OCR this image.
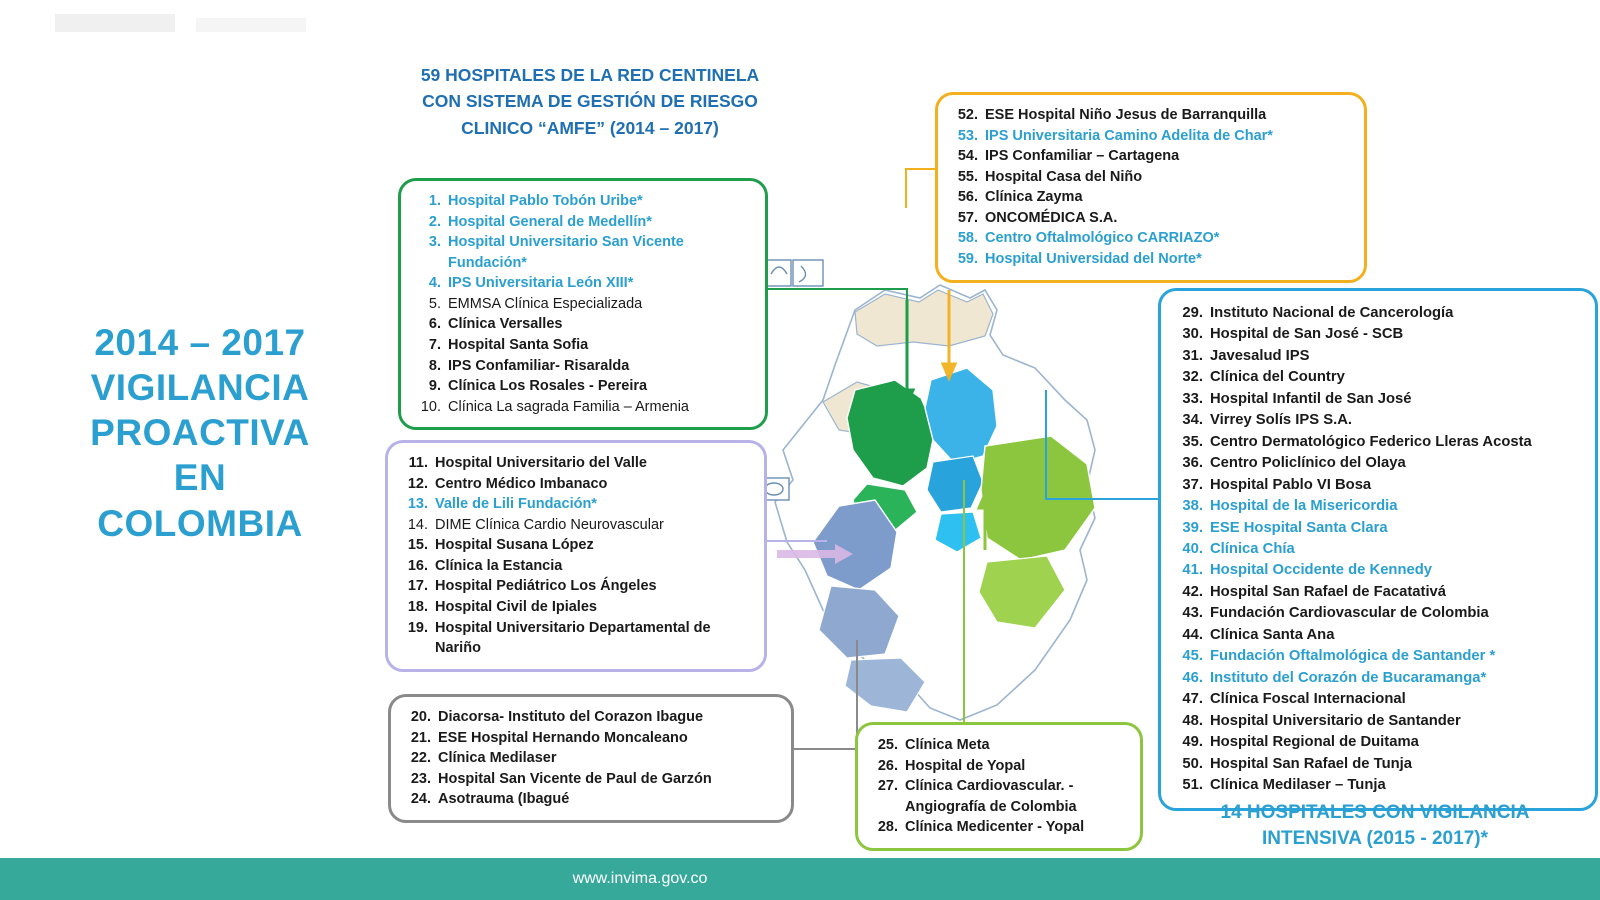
2014 – 2017
VIGILANCIA
PROACTIVA
EN
COLOMBIA
59 HOSPITALES DE LA RED CENTINELA
CON SISTEMA DE GESTIÓN DE RIESGO
CLINICO “AMFE” (2014 – 2017)
1. Hospital Pablo Tobón Uribe*
2. Hospital General de Medellín*
3. Hospital Universitario San Vicente Fundación*
4. IPS Universitaria León XIII*
5. EMMSA Clínica Especializada
6. Clínica Versalles
7. Hospital Santa Sofia
8. IPS Confamiliar- Risaralda
9. Clínica Los Rosales - Pereira
10. Clínica La sagrada Familia – Armenia
11. Hospital Universitario del Valle
12. Centro Médico Imbanaco
13. Valle de Lili Fundación*
14. DIME Clínica Cardio Neurovascular
15. Hospital Susana López
16. Clínica la Estancia
17. Hospital Pediátrico Los Ángeles
18. Hospital Civil de Ipiales
19. Hospital Universitario Departamental de Nariño
20. Diacorsa- Instituto del Corazon Ibague
21. ESE Hospital Hernando Moncaleano
22. Clínica Medilaser
23. Hospital San Vicente de Paul de Garzón
24. Asotrauma (Ibagué
25. Clínica Meta
26. Hospital de Yopal
27. Clínica Cardiovascular. - Angiografía de Colombia
28. Clínica Medicenter - Yopal
52. ESE Hospital Niño Jesus de Barranquilla
53. IPS Universitaria Camino Adelita de Char*
54. IPS Confamiliar – Cartagena
55. Hospital Casa del Niño
56. Clínica Zayma
57. ONCOMÉDICA S.A.
58. Centro Oftalmológico CARRIAZO*
59. Hospital Universidad del Norte*
29. Instituto Nacional de Cancerología
30. Hospital de San José - SCB
31. Javesalud IPS
32. Clínica del Country
33. Hospital Infantil de San José
34. Virrey Solís IPS S.A.
35. Centro Dermatológico Federico Lleras Acosta
36. Centro Policlínico del Olaya
37. Hospital Pablo VI Bosa
38. Hospital de la Misericordia
39. ESE Hospital Santa Clara
40. Clínica Chía
41. Hospital Occidente de Kennedy
42. Hospital San Rafael de Facatativá
43. Fundación Cardiovascular de Colombia
44. Clínica Santa Ana
45. Fundación Oftalmológica de Santander *
46. Instituto del Corazón de Bucaramanga*
47. Clínica Foscal Internacional
48. Hospital Universitario de Santander
49. Hospital Regional de Duitama
50. Hospital San Rafael de Tunja
51. Clínica Medilaser – Tunja
14 HOSPITALES CON VIGILANCIA
INTENSIVA (2015 - 2017)*
www.invima.gov.co
